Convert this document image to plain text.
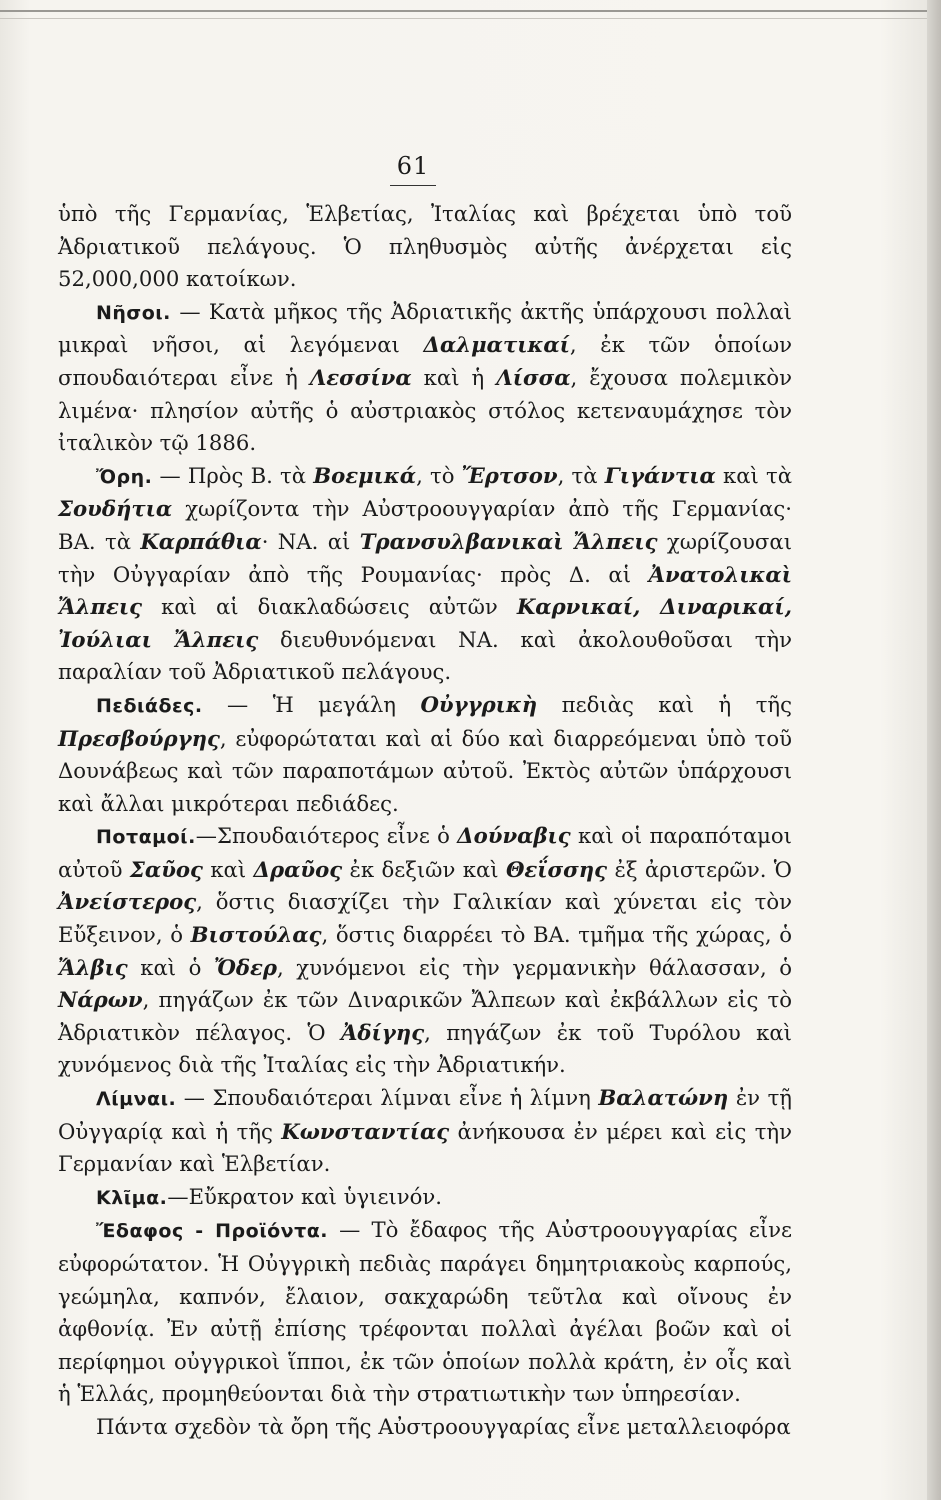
61

ὑπὸ τῆς Γερμανίας, Ἑλβετίας, Ἰταλίας καὶ βρέχεται ὑπὸ τοῦ Ἀδριατικοῦ πελάγους. Ὁ πληθυσμὸς αὐτῆς ἀνέρχεται εἰς 52,000,000 κατοίκων.

Νῆσοι. — Κατὰ μῆκος τῆς Ἀδριατικῆς ἀκτῆς ὑπάρχουσι πολλαὶ μικραὶ νῆσοι, αἱ λεγόμεναι Δαλματικαί, ἐκ τῶν ὁποίων σπουδαιότεραι εἶνε ἡ Λεσσίνα καὶ ἡ Λίσσα, ἔχουσα πολεμικὸν λιμένα· πλησίον αὐτῆς ὁ αὐστριακὸς στόλος κετεναυμάχησε τὸν ἰταλικὸν τῷ 1886.

Ὄρη. — Πρὸς Β. τὰ Βοεμικά, τὸ Ἔρτσον, τὰ Γιγάντια καὶ τὰ Σουδήτια χωρίζοντα τὴν Αὐστροουγγαρίαν ἀπὸ τῆς Γερμανίας· ΒΑ. τὰ Καρπάθια· ΝΑ. αἱ Τρανσυλβανικαὶ Ἄλπεις χωρίζουσαι τὴν Οὐγγαρίαν ἀπὸ τῆς Ρουμανίας· πρὸς Δ. αἱ Ἀνατολικαὶ Ἄλπεις καὶ αἱ διακλαδώσεις αὐτῶν Καρνικαί, Διναρικαί, Ἰούλιαι Ἄλπεις διευθυνόμεναι ΝΑ. καὶ ἀκολουθοῦσαι τὴν παραλίαν τοῦ Ἀδριατικοῦ πελάγους.

Πεδιάδες. — Ἡ μεγάλη Οὐγγρικὴ πεδιὰς καὶ ἡ τῆς Πρεσβούργης, εὐφορώταται καὶ αἱ δύο καὶ διαρρεόμεναι ὑπὸ τοῦ Δουνάβεως καὶ τῶν παραποτάμων αὐτοῦ. Ἐκτὸς αὐτῶν ὑπάρχουσι καὶ ἄλλαι μικρότεραι πεδιάδες.

Ποταμοί.—Σπουδαιότερος εἶνε ὁ Δούναβις καὶ οἱ παραπόταμοι αὐτοῦ Σαῦος καὶ Δραῦος ἐκ δεξιῶν καὶ Θεΐσσης ἐξ ἀριστερῶν. Ὁ Ἀνείστερος, ὅστις διασχίζει τὴν Γαλικίαν καὶ χύνεται εἰς τὸν Εὔξεινον, ὁ Βιστούλας, ὅστις διαρρέει τὸ ΒΑ. τμῆμα τῆς χώρας, ὁ Ἄλβις καὶ ὁ Ὄδερ, χυνόμενοι εἰς τὴν γερμανικὴν θάλασσαν, ὁ Νάρων, πηγάζων ἐκ τῶν Διναρικῶν Ἄλπεων καὶ ἐκβάλλων εἰς τὸ Ἀδριατικὸν πέλαγος. Ὁ Ἀδίγης, πηγάζων ἐκ τοῦ Τυρόλου καὶ χυνόμενος διὰ τῆς Ἰταλίας εἰς τὴν Ἀδριατικήν.

Λίμναι. — Σπουδαιότεραι λίμναι εἶνε ἡ λίμνη Βαλατώνη ἐν τῇ Οὐγγαρίᾳ καὶ ἡ τῆς Κωνσταντίας ἀνήκουσα ἐν μέρει καὶ εἰς τὴν Γερμανίαν καὶ Ἑλβετίαν.

Κλῖμα.—Εὔκρατον καὶ ὑγιεινόν.

Ἔδαφος - Προϊόντα. — Τὸ ἔδαφος τῆς Αὐστροουγγαρίας εἶνε εὐφορώτατον. Ἡ Οὐγγρικὴ πεδιὰς παράγει δημητριακοὺς καρπούς, γεώμηλα, καπνόν, ἔλαιον, σακχαρώδη τεῦτλα καὶ οἴνους ἐν ἀφθονίᾳ. Ἐν αὐτῇ ἐπίσης τρέφονται πολλαὶ ἀγέλαι βοῶν καὶ οἱ περίφημοι οὐγγρικοὶ ἵπποι, ἐκ τῶν ὁποίων πολλὰ κράτη, ἐν οἷς καὶ ἡ Ἑλλάς, προμηθεύονται διὰ τὴν στρατιωτικὴν των ὑπηρεσίαν.

Πάντα σχεδὸν τὰ ὄρη τῆς Αὐστροουγγαρίας εἶνε μεταλλειοφόρα
